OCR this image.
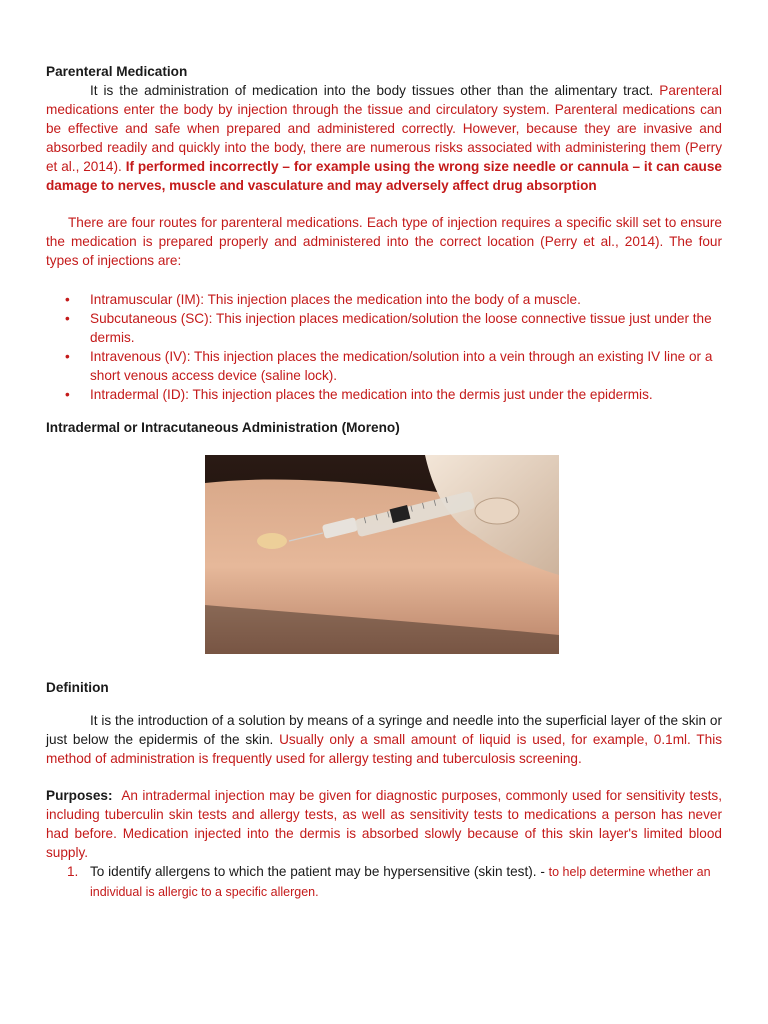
Parenteral Medication

It is the administration of medication into the body tissues other than the alimentary tract. Parenteral medications enter the body by injection through the tissue and circulatory system. Parenteral medications can be effective and safe when prepared and administered correctly. However, because they are invasive and absorbed readily and quickly into the body, there are numerous risks associated with administering them (Perry et al., 2014). If performed incorrectly – for example using the wrong size needle or cannula – it can cause damage to nerves, muscle and vasculature and may adversely affect drug absorption

There are four routes for parenteral medications. Each type of injection requires a specific skill set to ensure the medication is prepared properly and administered into the correct location (Perry et al., 2014). The four types of injections are:

• Intramuscular (IM): This injection places the medication into the body of a muscle.
• Subcutaneous (SC): This injection places medication/solution the loose connective tissue just under the dermis.
• Intravenous (IV): This injection places the medication/solution into a vein through an existing IV line or a short venous access device (saline lock).
• Intradermal (ID): This injection places the medication into the dermis just under the epidermis.

Intradermal or Intracutaneous Administration (Moreno)

Definition

It is the introduction of a solution by means of a syringe and needle into the superficial layer of the skin or just below the epidermis of the skin. Usually only a small amount of liquid is used, for example, 0.1ml. This method of administration is frequently used for allergy testing and tuberculosis screening.

Purposes: An intradermal injection may be given for diagnostic purposes, commonly used for sensitivity tests, including tuberculin skin tests and allergy tests, as well as sensitivity tests to medications a person has never had before. Medication injected into the dermis is absorbed slowly because of this skin layer's limited blood supply.

1. To identify allergens to which the patient may be hypersensitive (skin test). - to help determine whether an individual is allergic to a specific allergen.
